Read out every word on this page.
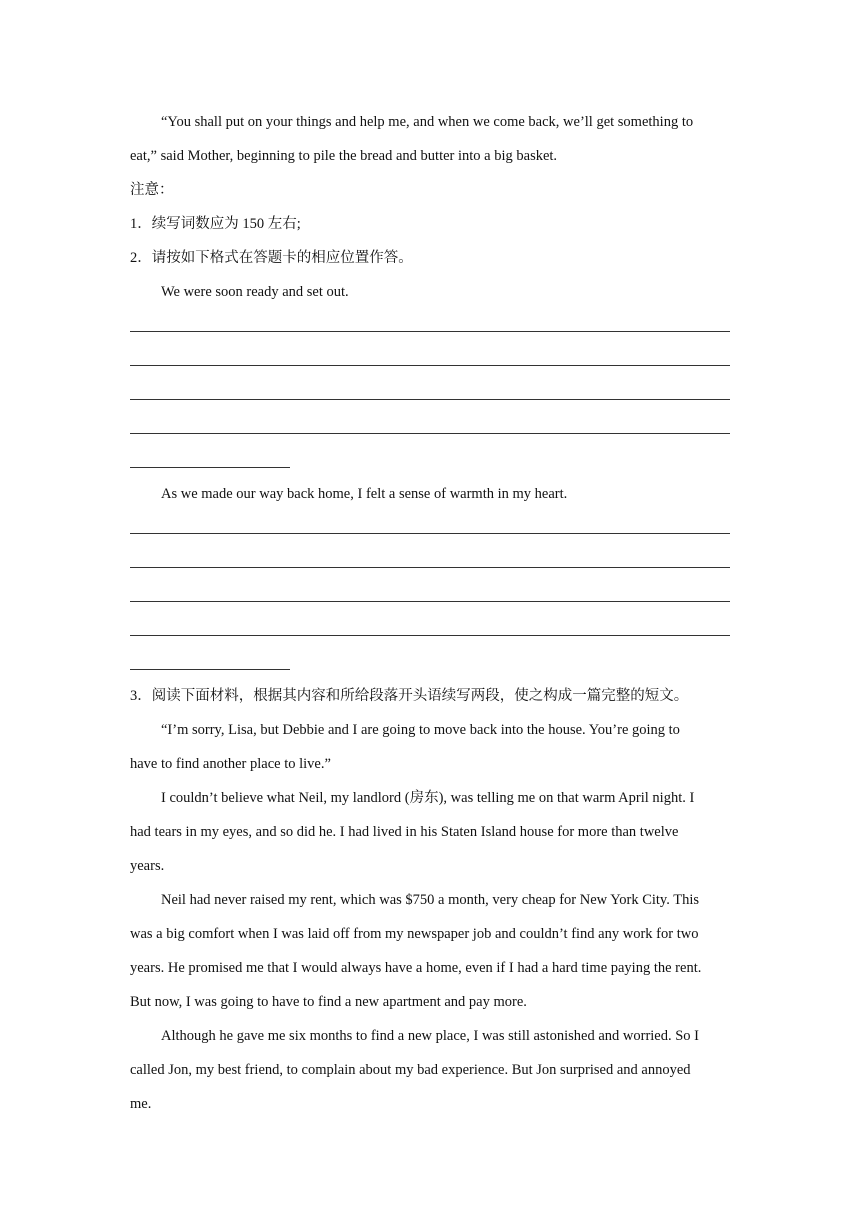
“You shall put on your things and help me, and when we come back, we’ll get something to
eat,” said Mother, beginning to pile the bread and butter into a big basket.
注意：
1．续写词数应为 150 左右;
2．请按如下格式在答题卡的相应位置作答。
We were soon ready and set out.
As we made our way back home, I felt a sense of warmth in my heart.
3．阅读下面材料，根据其内容和所给段落开头语续写两段，使之构成一篇完整的短文。
“I’m sorry, Lisa, but Debbie and I are going to move back into the house. You’re going to
have to find another place to live.”
I couldn’t believe what Neil, my landlord (房东), was telling me on that warm April night. I
had tears in my eyes, and so did he. I had lived in his Staten Island house for more than twelve
years.
Neil had never raised my rent, which was $750 a month, very cheap for New York City. This
was a big comfort when I was laid off from my newspaper job and couldn’t find any work for two
years. He promised me that I would always have a home, even if I had a hard time paying the rent.
But now, I was going to have to find a new apartment and pay more.
Although he gave me six months to find a new place, I was still astonished and worried. So I
called Jon, my best friend, to complain about my bad experience. But Jon surprised and annoyed
me.
